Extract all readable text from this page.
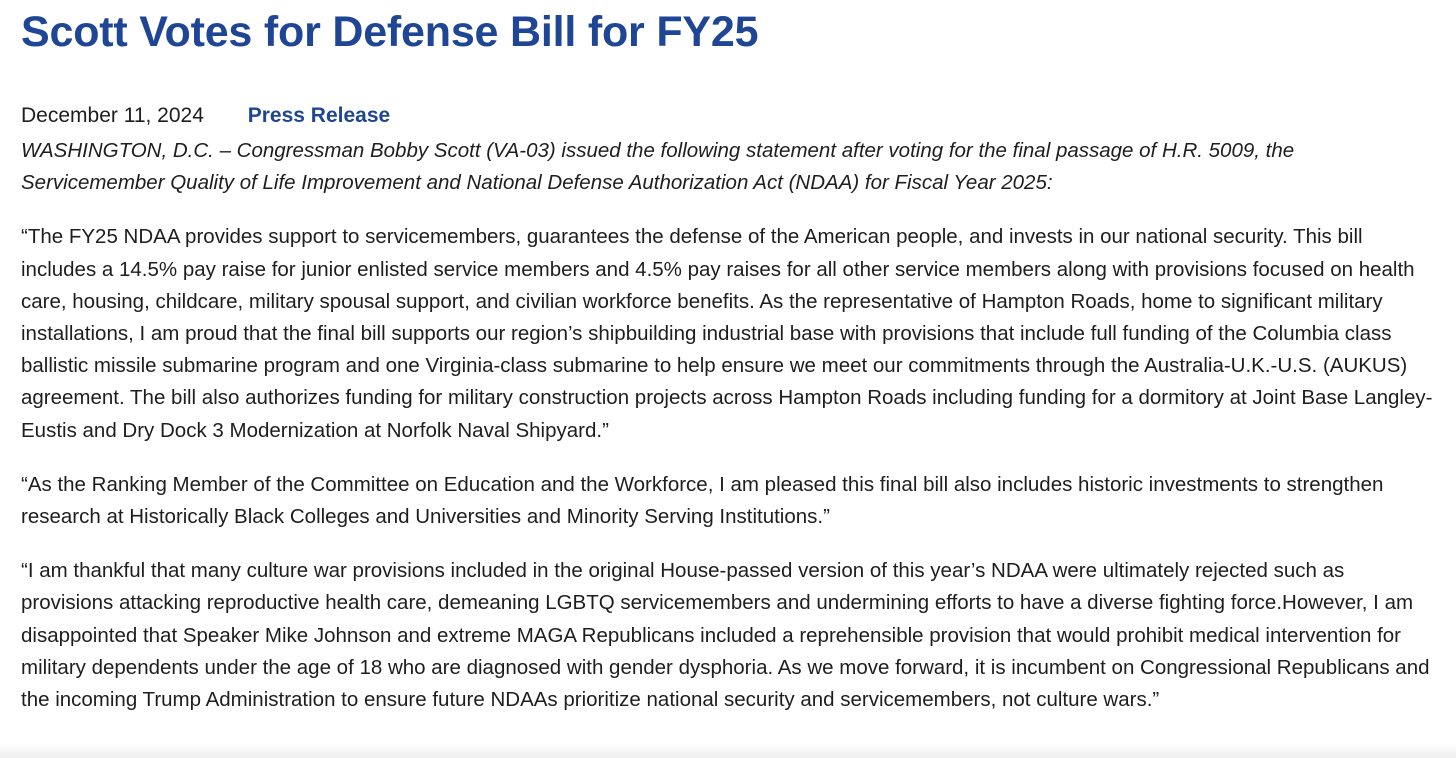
Scott Votes for Defense Bill for FY25
December 11, 2024 Press Release

WASHINGTON, D.C. – Congressman Bobby Scott (VA-03) issued the following statement after voting for the final passage of H.R. 5009, the Servicemember Quality of Life Improvement and National Defense Authorization Act (NDAA) for Fiscal Year 2025:

“The FY25 NDAA provides support to servicemembers, guarantees the defense of the American people, and invests in our national security. This bill includes a 14.5% pay raise for junior enlisted service members and 4.5% pay raises for all other service members along with provisions focused on health care, housing, childcare, military spousal support, and civilian workforce benefits. As the representative of Hampton Roads, home to significant military installations, I am proud that the final bill supports our region’s shipbuilding industrial base with provisions that include full funding of the Columbia class ballistic missile submarine program and one Virginia-class submarine to help ensure we meet our commitments through the Australia-U.K.-U.S. (AUKUS) agreement. The bill also authorizes funding for military construction projects across Hampton Roads including funding for a dormitory at Joint Base Langley-Eustis and Dry Dock 3 Modernization at Norfolk Naval Shipyard.”

“As the Ranking Member of the Committee on Education and the Workforce, I am pleased this final bill also includes historic investments to strengthen research at Historically Black Colleges and Universities and Minority Serving Institutions.”

“I am thankful that many culture war provisions included in the original House-passed version of this year’s NDAA were ultimately rejected such as provisions attacking reproductive health care, demeaning LGBTQ servicemembers and undermining efforts to have a diverse fighting force.However, I am disappointed that Speaker Mike Johnson and extreme MAGA Republicans included a reprehensible provision that would prohibit medical intervention for military dependents under the age of 18 who are diagnosed with gender dysphoria. As we move forward, it is incumbent on Congressional Republicans and the incoming Trump Administration to ensure future NDAAs prioritize national security and servicemembers, not culture wars.”
